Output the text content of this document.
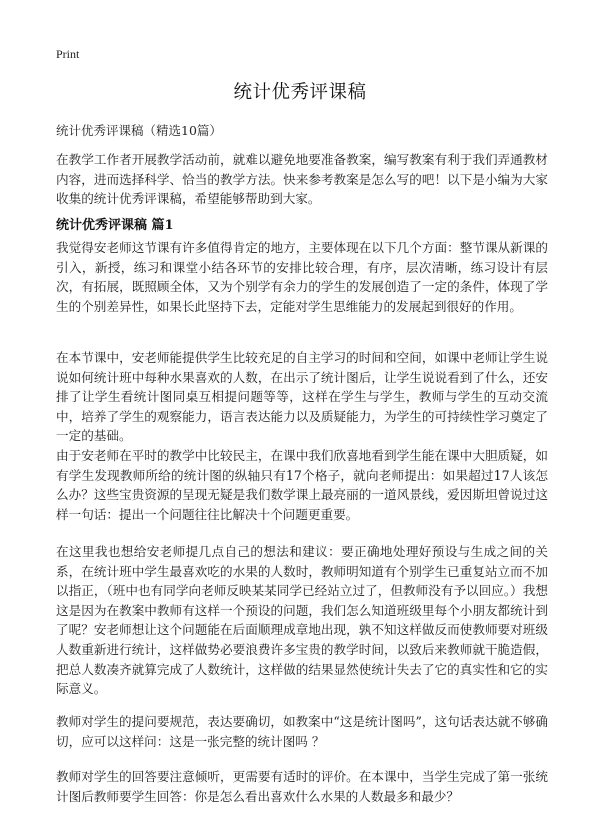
Print
统计优秀评课稿
统计优秀评课稿（精选10篇）

在教学工作者开展教学活动前，就难以避免地要准备教案，编写教案有利于我们弄通教材内容，进而选择科学、恰当的教学方法。快来参考教案是怎么写的吧！以下是小编为大家收集的统计优秀评课稿，希望能够帮助到大家。

统计优秀评课稿 篇1

我觉得安老师这节课有许多值得肯定的地方，主要体现在以下几个方面：整节课从新课的引入，新授，练习和课堂小结各环节的安排比较合理，有序，层次清晰，练习设计有层次，有拓展，既照顾全体，又为个别学有余力的学生的发展创造了一定的条件，体现了学生的个别差异性，如果长此坚持下去，定能对学生思维能力的发展起到很好的作用。

在本节课中，安老师能提供学生比较充足的自主学习的时间和空间，如课中老师让学生说说如何统计班中每种水果喜欢的人数，在出示了统计图后，让学生说说看到了什么，还安排了让学生看统计图同桌互相提问题等等，这样在学生与学生，教师与学生的互动交流中，培养了学生的观察能力，语言表达能力以及质疑能力，为学生的可持续性学习奠定了一定的基础。

由于安老师在平时的教学中比较民主，在课中我们欣喜地看到学生能在课中大胆质疑，如有学生发现教师所给的统计图的纵轴只有17个格子，就向老师提出：如果超过17人该怎么办？这些宝贵资源的呈现无疑是我们数学课上最亮丽的一道风景线，爱因斯坦曾说过这样一句话：提出一个问题往往比解决十个问题更重要。

在这里我也想给安老师提几点自己的想法和建议：要正确地处理好预设与生成之间的关系，在统计班中学生最喜欢吃的水果的人数时，教师明知道有个别学生已重复站立而不加以指正，（班中也有同学向老师反映某某同学已经站立过了，但教师没有予以回应。）我想这是因为在教案中教师有这样一个预设的问题，我们怎么知道班级里每个小朋友都统计到了呢？安老师想让这个问题能在后面顺理成章地出现，孰不知这样做反而使教师要对班级人数重新进行统计，这样做势必要浪费许多宝贵的教学时间，以致后来教师就干脆造假，把总人数凑齐就算完成了人数统计，这样做的结果显然使统计失去了它的真实性和它的实际意义。

教师对学生的提问要规范，表达要确切，如教案中“这是统计图吗”，这句话表达就不够确切，应可以这样问：这是一张完整的统计图吗 ？

教师对学生的回答要注意倾听，更需要有适时的评价。在本课中，当学生完成了第一张统计图后教师要学生回答：你是怎么看出喜欢什么水果的人数最多和最少？
